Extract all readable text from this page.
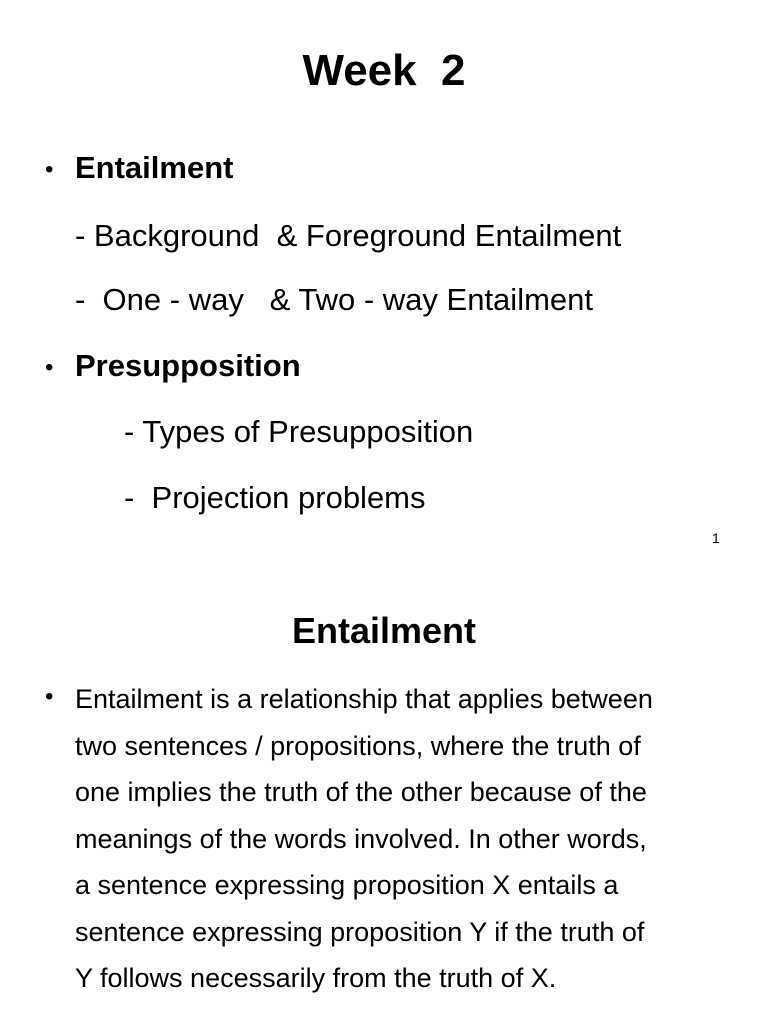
Week  2
• Entailment

- Background  & Foreground Entailment

-  One - way   & Two - way Entailment

• Presupposition

- Types of Presupposition

-  Projection problems

1

Entailment
• Entailment is a relationship that applies between
two sentences / propositions, where the truth of
one implies the truth of the other because of the
meanings of the words involved. In other words,
a sentence expressing proposition X entails a
sentence expressing proposition Y if the truth of
Y follows necessarily from the truth of X.
